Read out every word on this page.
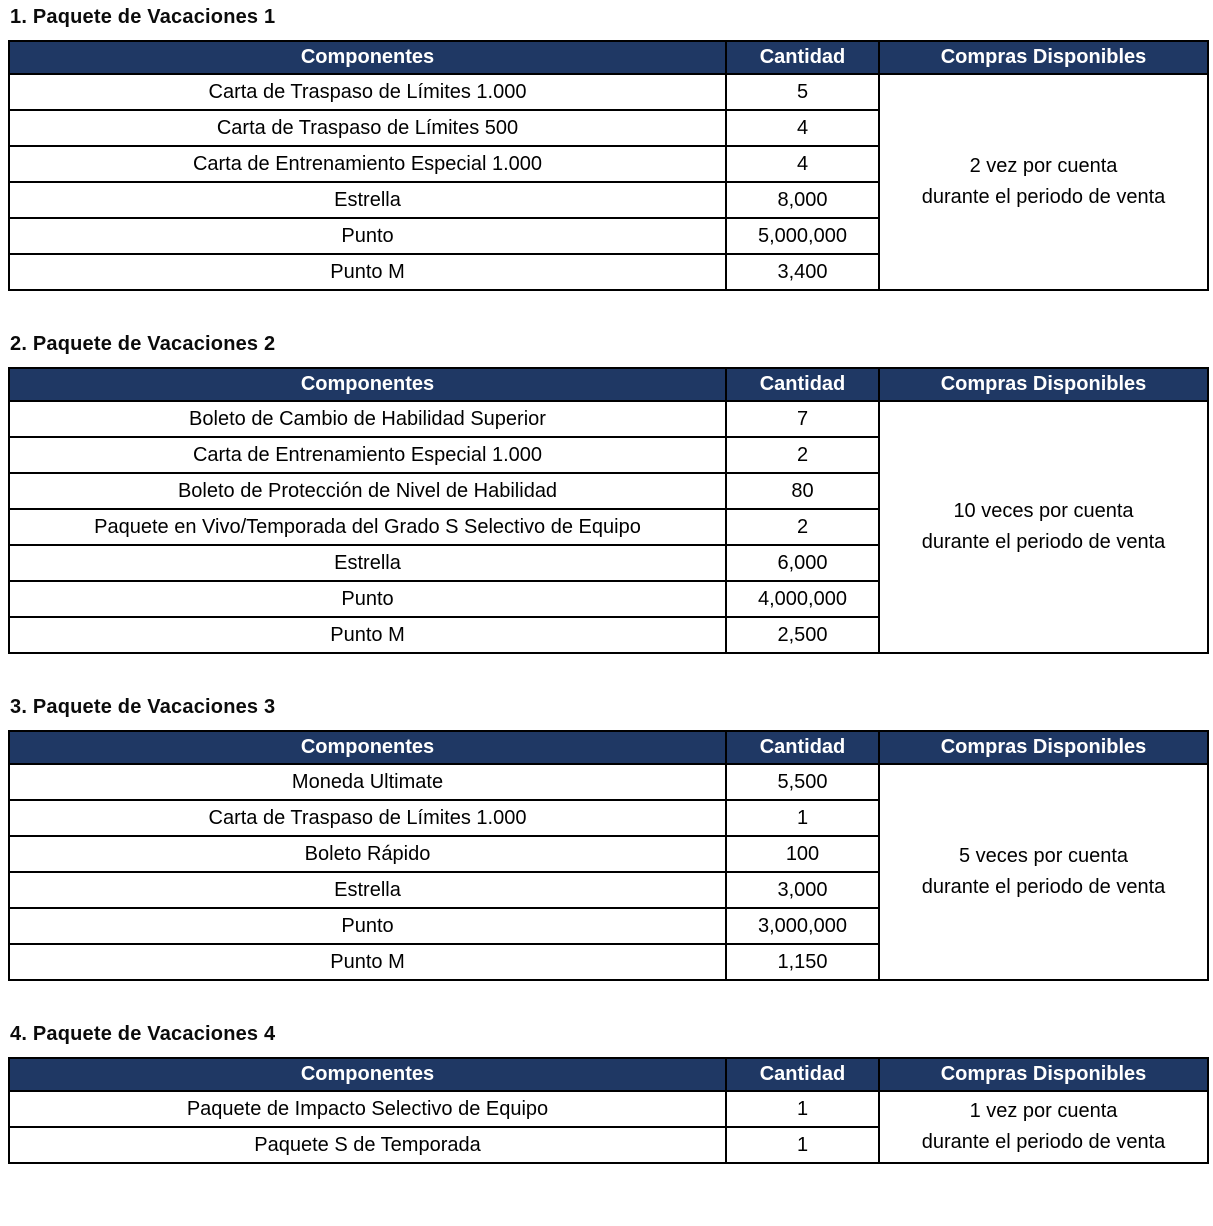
1. Paquete de Vacaciones 1
Componentes	Cantidad	Compras Disponibles
Carta de Traspaso de Límites 1.000	5	2 vez por cuenta
durante el periodo de venta

Carta de Traspaso de Límites 500	4	
Carta de Entrenamiento Especial 1.000	4	
Estrella	8,000	
Punto	5,000,000	
Punto M	3,400	
2. Paquete de Vacaciones 2
Componentes	Cantidad	Compras Disponibles
Boleto de Cambio de Habilidad Superior	7	10 veces por cuenta
durante el periodo de venta

Carta de Entrenamiento Especial 1.000	2	
Boleto de Protección de Nivel de Habilidad	80	
Paquete en Vivo/Temporada del Grado S Selectivo de Equipo	2	
Estrella	6,000	
Punto	4,000,000	
Punto M	2,500	
3. Paquete de Vacaciones 3
Componentes	Cantidad	Compras Disponibles
Moneda Ultimate	5,500	5 veces por cuenta
durante el periodo de venta

Carta de Traspaso de Límites 1.000	1	
Boleto Rápido	100	
Estrella	3,000	
Punto	3,000,000	
Punto M	1,150	
4. Paquete de Vacaciones 4
Componentes	Cantidad	Compras Disponibles
Paquete de Impacto Selectivo de Equipo	1	1 vez por cuenta
durante el periodo de venta

Paquete S de Temporada	1	
